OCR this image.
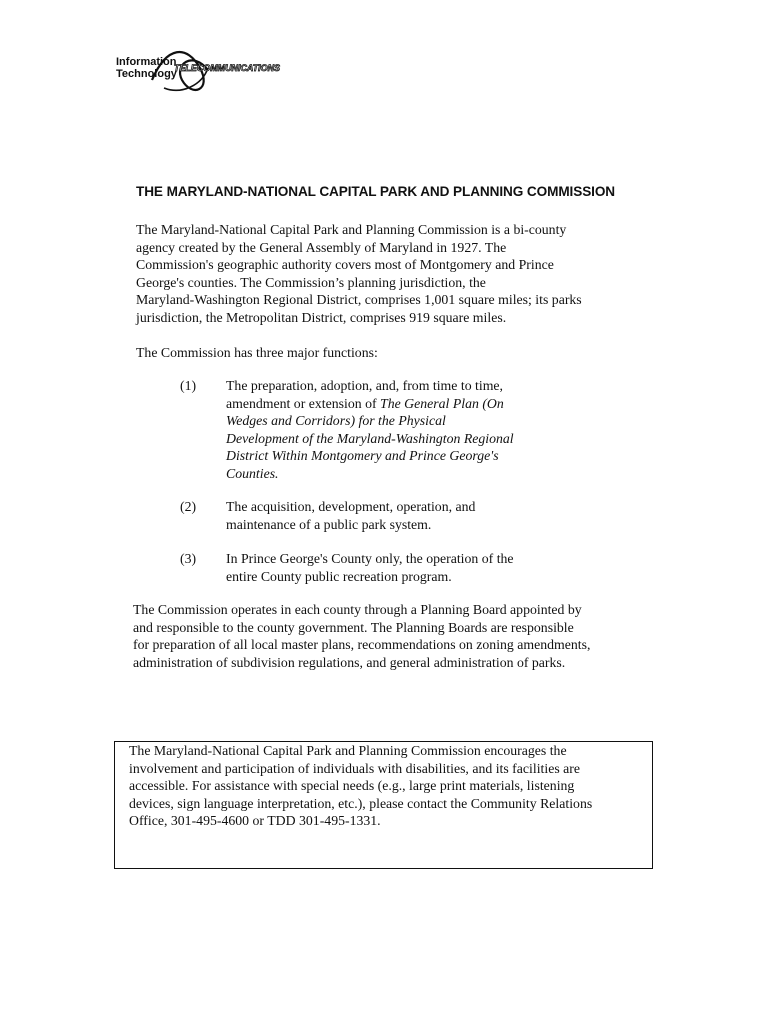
Information
Technology
TELECOMMUNICATIONS
THE MARYLAND-NATIONAL CAPITAL PARK AND PLANNING COMMISSION
The Maryland-National Capital Park and Planning Commission is a bi-county
agency created by the General Assembly of Maryland in 1927. The
Commission's geographic authority covers most of Montgomery and Prince
George's counties. The Commission’s planning jurisdiction, the
Maryland-Washington Regional District, comprises 1,001 square miles; its parks
jurisdiction, the Metropolitan District, comprises 919 square miles.
The Commission has three major functions:
(1) The preparation, adoption, and, from time to time,
amendment or extension of The General Plan (On
Wedges and Corridors) for the Physical
Development of the Maryland-Washington Regional
District Within Montgomery and Prince George's
Counties.
(2) The acquisition, development, operation, and
maintenance of a public park system.
(3) In Prince George's County only, the operation of the
entire County public recreation program.
The Commission operates in each county through a Planning Board appointed by
and responsible to the county government. The Planning Boards are responsible
for preparation of all local master plans, recommendations on zoning amendments,
administration of subdivision regulations, and general administration of parks.
The Maryland-National Capital Park and Planning Commission encourages the
involvement and participation of individuals with disabilities, and its facilities are
accessible. For assistance with special needs (e.g., large print materials, listening
devices, sign language interpretation, etc.), please contact the Community Relations
Office, 301-495-4600 or TDD 301-495-1331.
